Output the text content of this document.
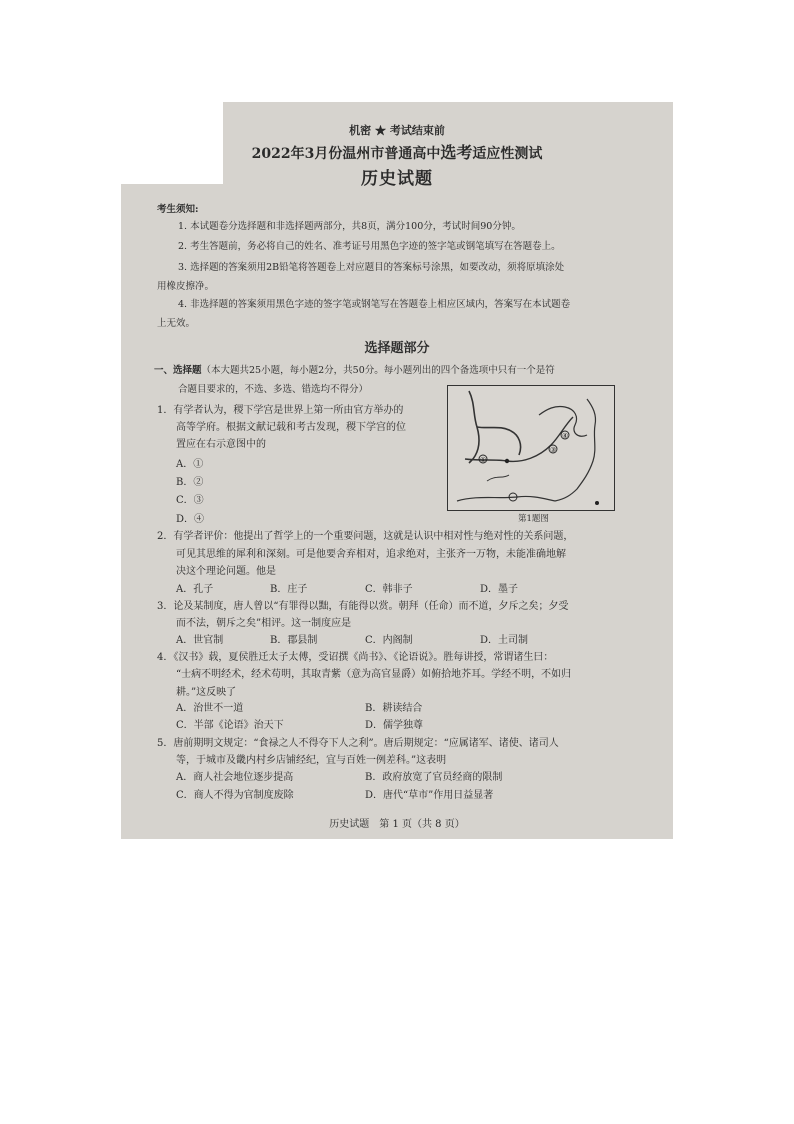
机密 ★ 考试结束前
2022年3月份温州市普通高中选考适应性测试
历史试题
考生须知:
1. 本试题卷分选择题和非选择题两部分，共8页，满分100分，考试时间90分钟。
2. 考生答题前，务必将自己的姓名、准考证号用黑色字迹的签字笔或钢笔填写在答题卷上。
3. 选择题的答案须用2B铅笔将答题卷上对应题目的答案标号涂黑，如要改动，须将原填涂处
用橡皮擦净。
4. 非选择题的答案须用黑色字迹的签字笔或钢笔写在答题卷上相应区域内，答案写在本试题卷
上无效。
选择题部分
一、选择题（本大题共25小题，每小题2分，共50分。每小题列出的四个备选项中只有一个是符
合题目要求的，不选、多选、错选均不得分）
1．有学者认为，稷下学宫是世界上第一所由官方举办的
高等学府。根据文献记载和考古发现，稷下学宫的位
置应在右示意图中的
A．①
B．②
C．③
D．④
①
③
④
第1题图
2．有学者评价：他提出了哲学上的一个重要问题，这就是认识中相对性与绝对性的关系问题，
可见其思维的犀利和深刻。可是他要舍弃相对，追求绝对，主张齐一万物，未能准确地解
决这个理论问题。他是
A．孔子	B．庄子	C．韩非子	D．墨子
3．论及某制度，唐人曾以“有罪得以黜，有能得以赏。朝拜（任命）而不道，夕斥之矣；夕受
而不法，朝斥之矣”相评。这一制度应是
A．世官制	B．郡县制	C．内阁制	D．土司制
4．《汉书》载，夏侯胜迁太子太傅，受诏撰《尚书》、《论语说》。胜每讲授，常谓诸生曰：
“士病不明经术，经术苟明，其取青紫（意为高官显爵）如俯拾地芥耳。学经不明，不如归
耕。”这反映了
A．治世不一道	B．耕读结合
C．半部《论语》治天下	D．儒学独尊
5．唐前期明文规定：“食禄之人不得夺下人之利”。唐后期规定：“应属诸军、诸使、诸司人
等，于城市及畿内村乡店铺经纪，宜与百姓一例差科。”这表明
A．商人社会地位逐步提高	B．政府放宽了官员经商的限制
C．商人不得为官制度废除	D．唐代“草市”作用日益显著
历史试题　第 1 页（共 8 页）
